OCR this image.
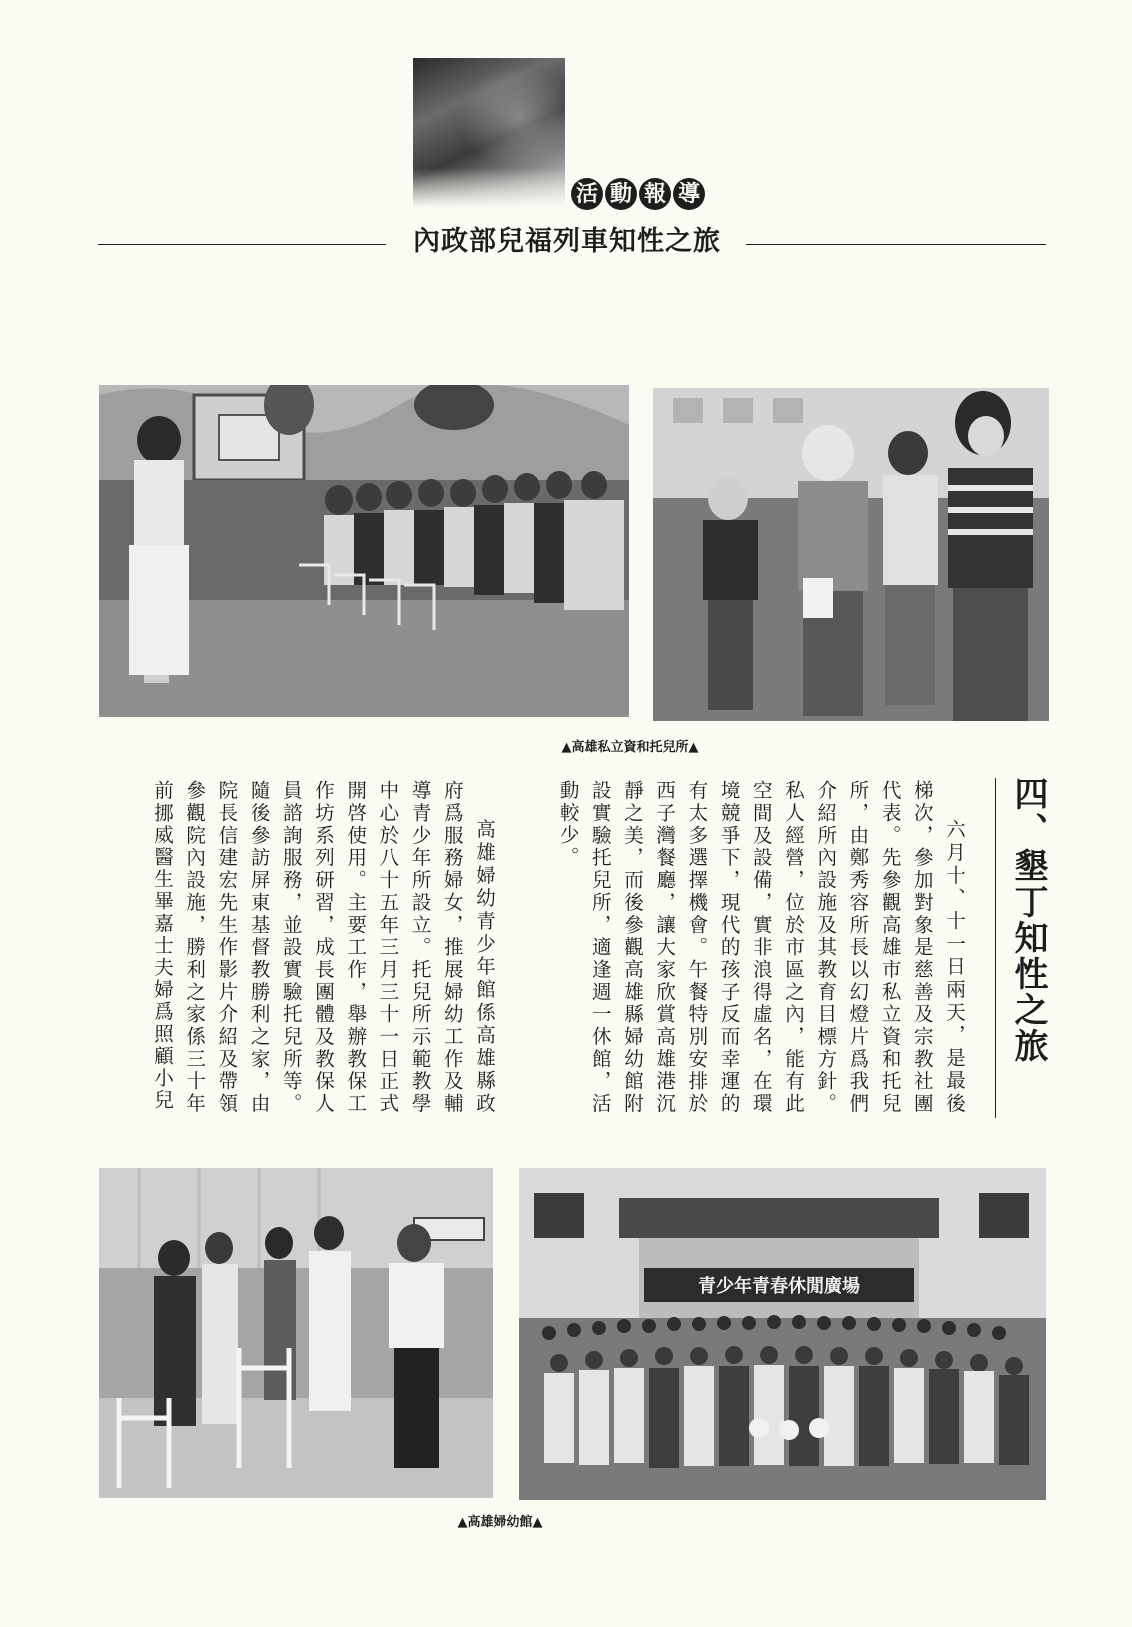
活 動 報 導
內政部兒福列車知性之旅
▲高雄私立資和托兒所▲
四、墾丁知性之旅

六月十、十一日兩天，是最後梯次，參加對象是慈善及宗教社團代表。先參觀高雄市私立資和托兒所，由鄭秀容所長以幻燈片爲我們介紹所內設施及其教育目標方針。私人經營，位於市區之內，能有此空間及設備，實非浪得虛名，在環境競爭下，現代的孩子反而幸運的有太多選擇機會。午餐特別安排於西子灣餐廳，讓大家欣賞高雄港沉靜之美，而後參觀高雄縣婦幼館附設實驗托兒所，適逢週一休館，活動較少。

高雄婦幼青少年館係高雄縣政府爲服務婦女，推展婦幼工作及輔導青少年所設立。托兒所示範教學中心於八十五年三月三十一日正式開啓使用。主要工作，舉辦教保工作坊系列研習，成長團體及教保人員諮詢服務，並設實驗托兒所等。隨後參訪屏東基督教勝利之家，由院長信建宏先生作影片介紹及帶領參觀院內設施，勝利之家係三十年前挪威醫生畢嘉士夫婦爲照顧小兒

青少年青春休閒廣場
▲高雄婦幼館▲
